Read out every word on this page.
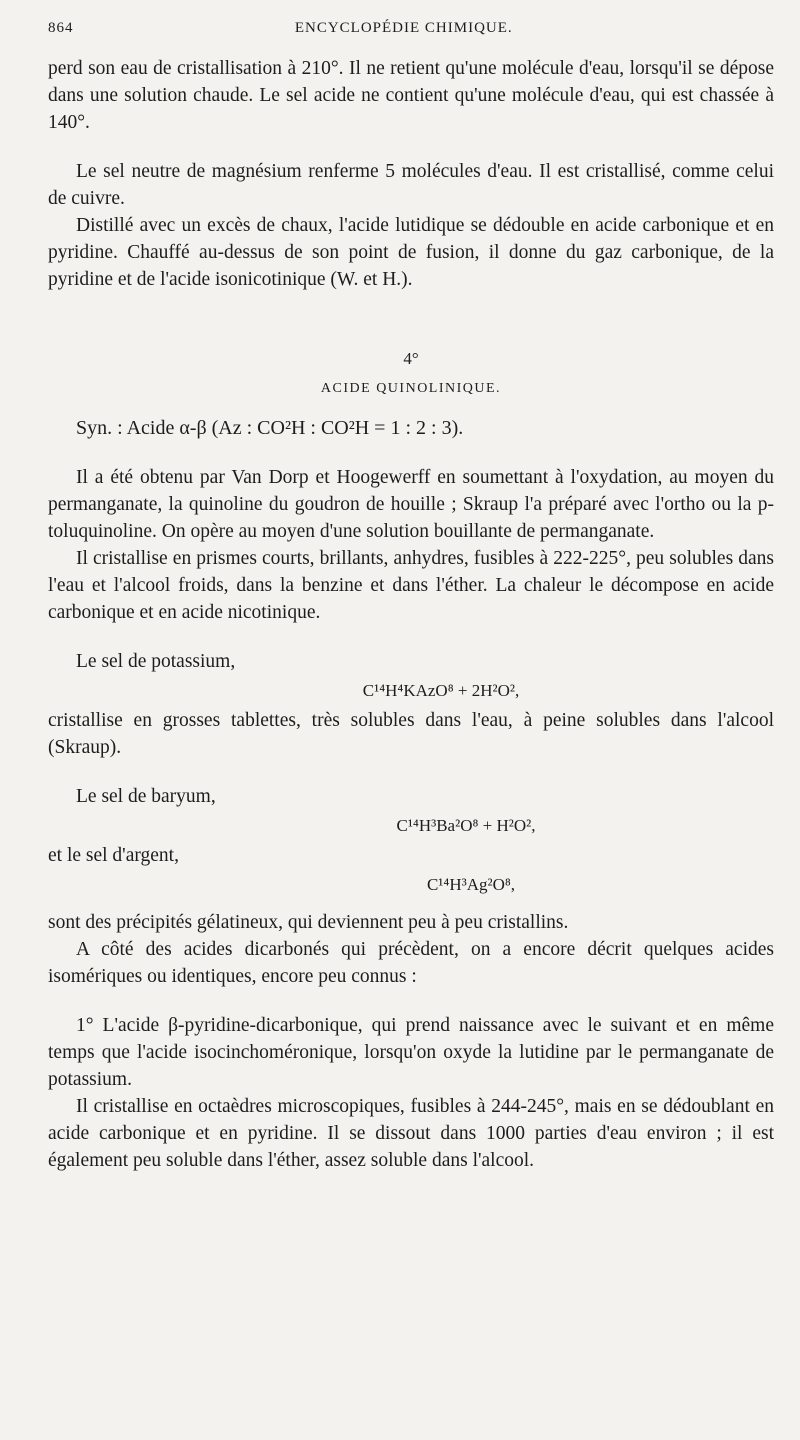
864	ENCYCLOPÉDIE CHIMIQUE.

perd son eau de cristallisation à 210°. Il ne retient qu'une molécule d'eau, lorsqu'il se dépose dans une solution chaude. Le sel acide ne contient qu'une molécule d'eau, qui est chassée à 140°.

Le sel neutre de magnésium renferme 5 molécules d'eau. Il est cristallisé, comme celui de cuivre.

Distillé avec un excès de chaux, l'acide lutidique se dédouble en acide carbonique et en pyridine. Chauffé au-dessus de son point de fusion, il donne du gaz carbonique, de la pyridine et de l'acide isonicotinique (W. et H.).

4°
ACIDE QUINOLINIQUE.

Syn. : Acide α-β (Az : CO²H : CO²H = 1 : 2 : 3).

Il a été obtenu par Van Dorp et Hoogewerff en soumettant à l'oxydation, au moyen du permanganate, la quinoline du goudron de houille ; Skraup l'a préparé avec l'ortho ou la p-toluquinoline. On opère au moyen d'une solution bouillante de permanganate.

Il cristallise en prismes courts, brillants, anhydres, fusibles à 222-225°, peu solubles dans l'eau et l'alcool froids, dans la benzine et dans l'éther. La chaleur le décompose en acide carbonique et en acide nicotinique.

Le sel de potassium,

C¹⁴H⁴KAzO⁸ + 2H²O²,

cristallise en grosses tablettes, très solubles dans l'eau, à peine solubles dans l'alcool (Skraup).

Le sel de baryum,

C¹⁴H³Ba²O⁸ + H²O²,

et le sel d'argent,

C¹⁴H³Ag²O⁸,

sont des précipités gélatineux, qui deviennent peu à peu cristallins.

A côté des acides dicarbonés qui précèdent, on a encore décrit quelques acides isomériques ou identiques, encore peu connus :

1° L'acide β-pyridine-dicarbonique, qui prend naissance avec le suivant et en même temps que l'acide isocinchoméronique, lorsqu'on oxyde la lutidine par le permanganate de potassium.

Il cristallise en octaèdres microscopiques, fusibles à 244-245°, mais en se dédoublant en acide carbonique et en pyridine. Il se dissout dans 1000 parties d'eau environ ; il est également peu soluble dans l'éther, assez soluble dans l'alcool.
